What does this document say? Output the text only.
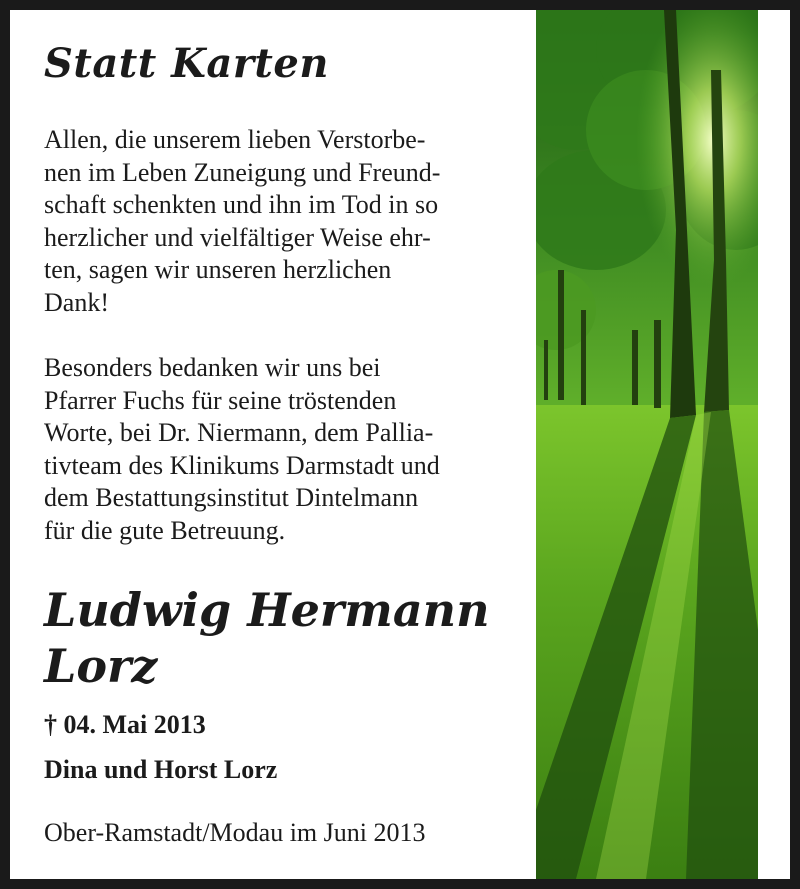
Statt Karten

Allen, die unserem lieben Verstorbe-
nen im Leben Zuneigung und Freund-
schaft schenkten und ihn im Tod in so
herzlicher und vielfältiger Weise ehr-
ten, sagen wir unseren herzlichen
Dank!

Besonders bedanken wir uns bei
Pfarrer Fuchs für seine tröstenden
Worte, bei Dr. Niermann, dem Pallia-
tivteam des Klinikums Darmstadt und
dem Bestattungsinstitut Dintelmann
für die gute Betreuung.

Ludwig Hermann
Lorz

† 04. Mai 2013

Dina und Horst Lorz

Ober-Ramstadt/Modau im Juni 2013
